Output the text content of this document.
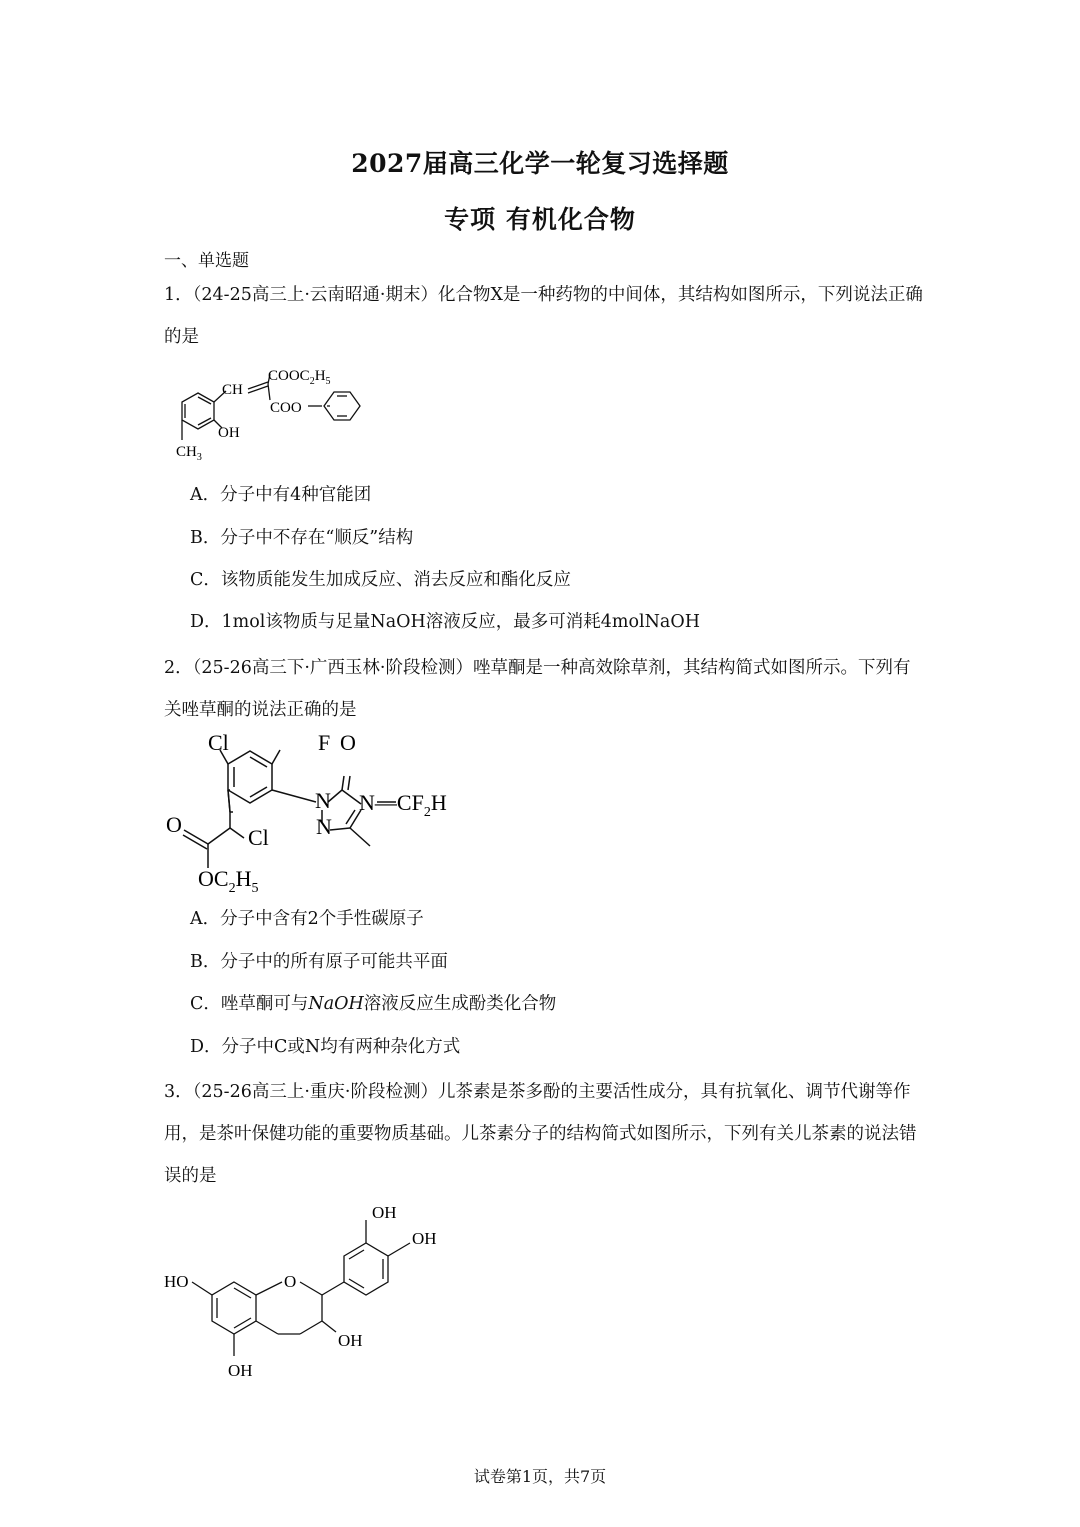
2027届高三化学一轮复习选择题
专项 有机化合物
一、单选题
1．（24-25高三上·云南昭通·期末）化合物X是一种药物的中间体，其结构如图所示，下列说法正确的是
CH
$COOC_2H_5$
COO
OH
$CH_3$
A．分子中有4种官能团
B．分子中不存在“顺反”结构
C．该物质能发生加成反应、消去反应和酯化反应
D．1mol该物质与足量NaOH溶液反应，最多可消耗4molNaOH
2．（25-26高三下·广西玉林·阶段检测）唑草酮是一种高效除草剂，其结构简式如图所示。下列有关唑草酮的说法正确的是
Cl	F O
N $N—CF_2H$
N
O
Cl
$OC_2H_5$
A．分子中含有2个手性碳原子
B．分子中的所有原子可能共平面
C．唑草酮可与NaOH溶液反应生成酚类化合物
D．分子中C或N均有两种杂化方式
3．（25-26高三上·重庆·阶段检测）儿茶素是茶多酚的主要活性成分，具有抗氧化、调节代谢等作用，是茶叶保健功能的重要物质基础。儿茶素分子的结构简式如图所示，下列有关儿茶素的说法错误的是
OH
OH
HO	O
OH
OH
试卷第1页，共7页
